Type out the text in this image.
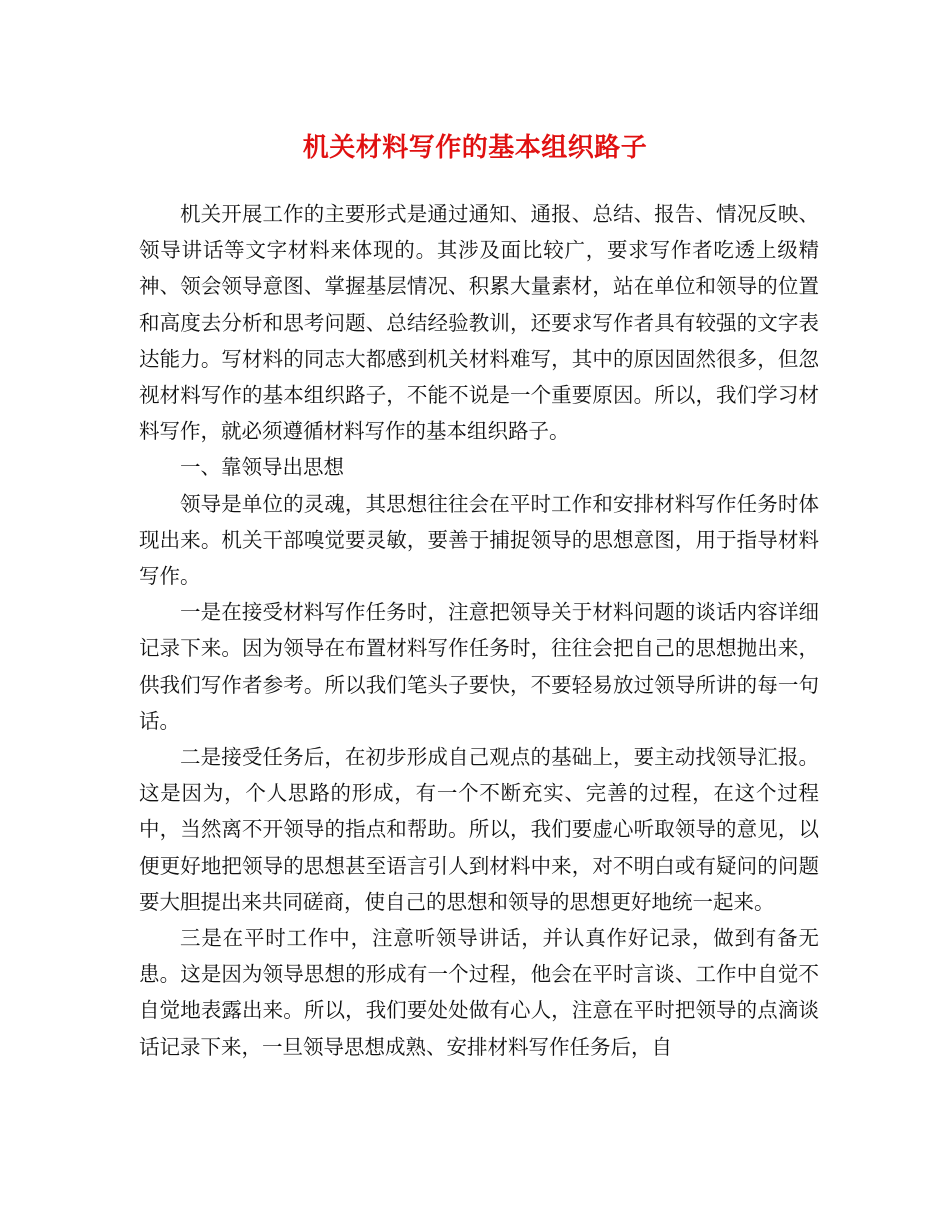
机关材料写作的基本组织路子

机关开展工作的主要形式是通过通知、通报、总结、报告、情况反映、领导讲话等文字材料来体现的。其涉及面比较广，要求写作者吃透上级精神、领会领导意图、掌握基层情况、积累大量素材，站在单位和领导的位置和高度去分析和思考问题、总结经验教训，还要求写作者具有较强的文字表达能力。写材料的同志大都感到机关材料难写，其中的原因固然很多，但忽视材料写作的基本组织路子，不能不说是一个重要原因。所以，我们学习材料写作，就必须遵循材料写作的基本组织路子。

一、靠领导出思想

领导是单位的灵魂，其思想往往会在平时工作和安排材料写作任务时体现出来。机关干部嗅觉要灵敏，要善于捕捉领导的思想意图，用于指导材料写作。

一是在接受材料写作任务时，注意把领导关于材料问题的谈话内容详细记录下来。因为领导在布置材料写作任务时，往往会把自己的思想抛出来，供我们写作者参考。所以我们笔头子要快，不要轻易放过领导所讲的每一句话。

二是接受任务后，在初步形成自己观点的基础上，要主动找领导汇报。这是因为，个人思路的形成，有一个不断充实、完善的过程，在这个过程中，当然离不开领导的指点和帮助。所以，我们要虚心听取领导的意见，以便更好地把领导的思想甚至语言引人到材料中来，对不明白或有疑问的问题要大胆提出来共同磋商，使自己的思想和领导的思想更好地统一起来。

三是在平时工作中，注意听领导讲话，并认真作好记录，做到有备无患。这是因为领导思想的形成有一个过程，他会在平时言谈、工作中自觉不自觉地表露出来。所以，我们要处处做有心人，注意在平时把领导的点滴谈话记录下来，一旦领导思想成熟、安排材料写作任务后，自
